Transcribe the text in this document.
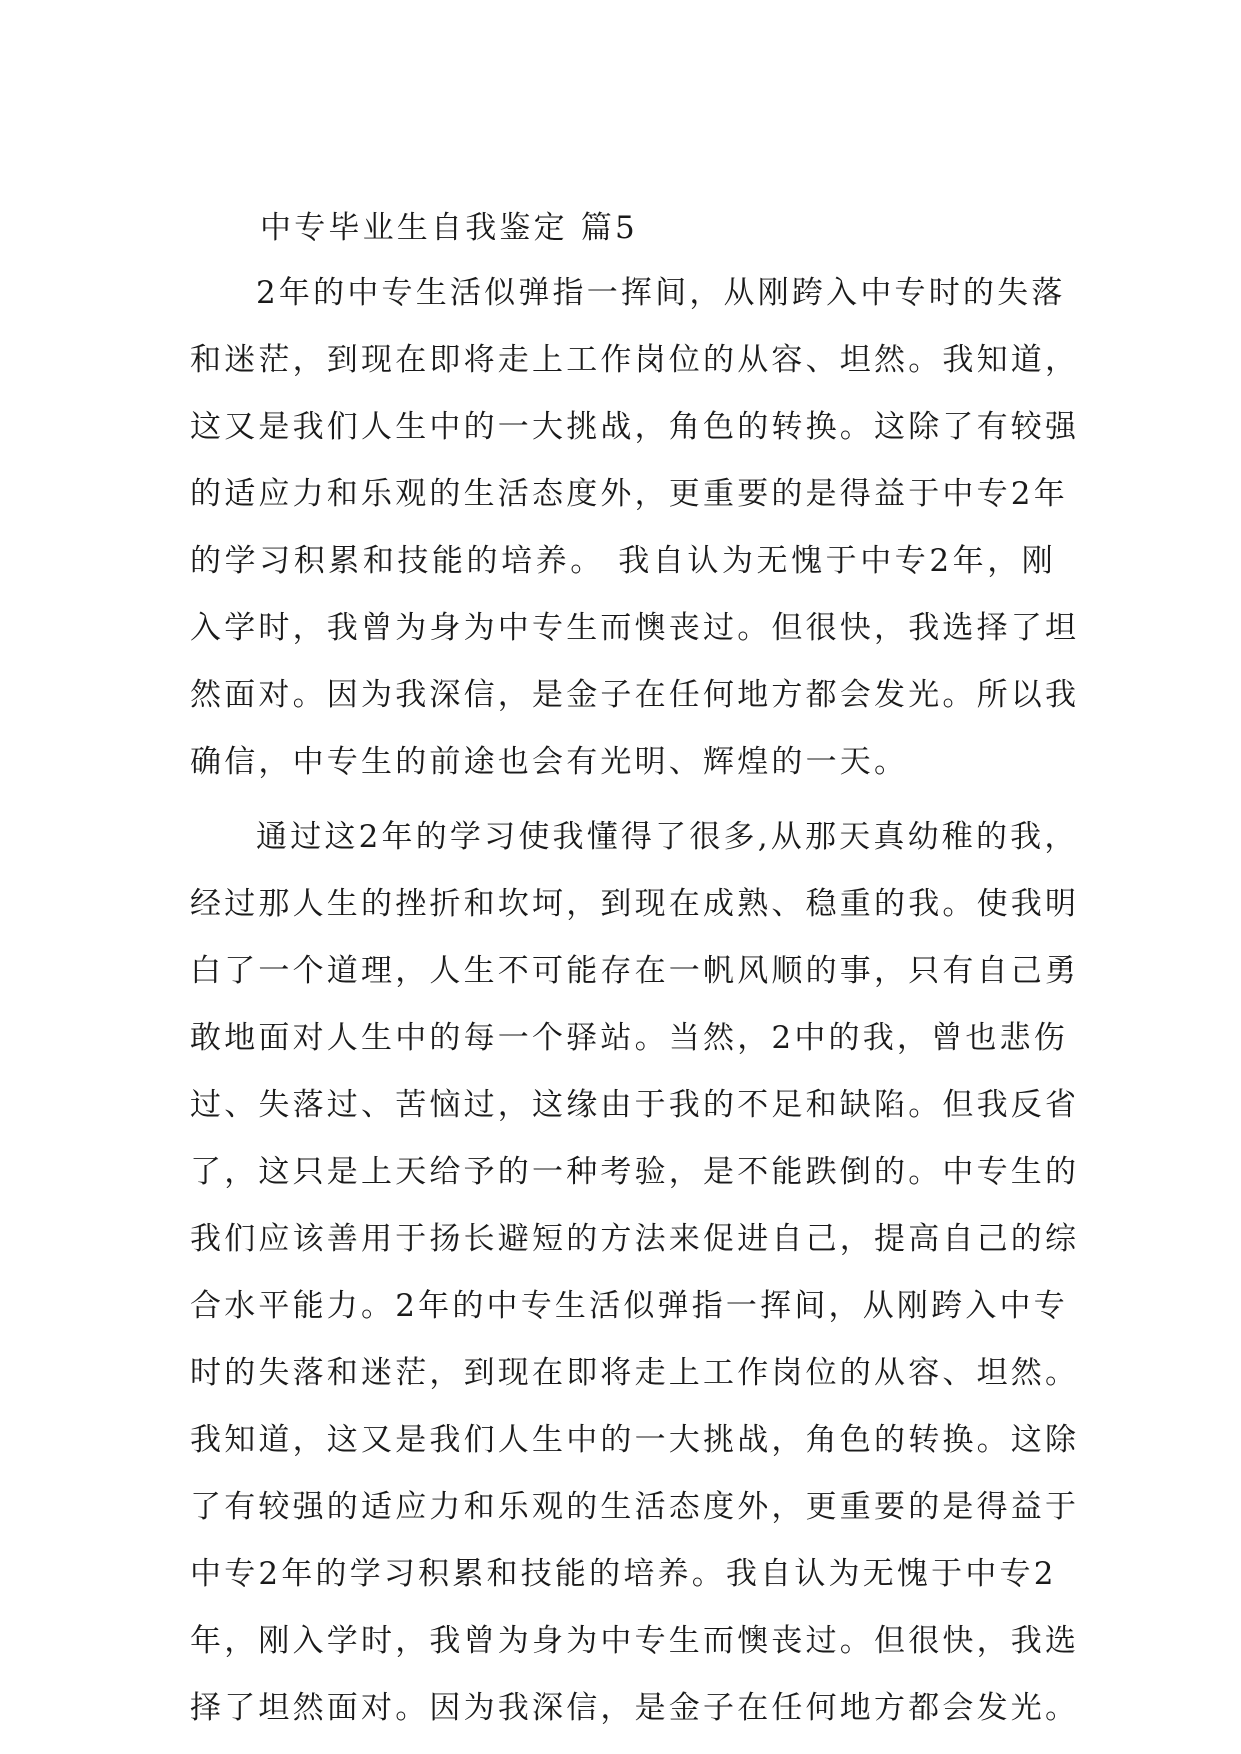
中专毕业生自我鉴定 篇5
2年的中专生活似弹指一挥间，从刚跨入中专时的失落
和迷茫，到现在即将走上工作岗位的从容、坦然。我知道，
这又是我们人生中的一大挑战，角色的转换。这除了有较强
的适应力和乐观的生活态度外，更重要的是得益于中专2年
的学习积累和技能的培养。 我自认为无愧于中专2年，刚
入学时，我曾为身为中专生而懊丧过。但很快，我选择了坦
然面对。因为我深信，是金子在任何地方都会发光。所以我
确信，中专生的前途也会有光明、辉煌的一天。
通过这2年的学习使我懂得了很多,从那天真幼稚的我，
经过那人生的挫折和坎坷，到现在成熟、稳重的我。使我明
白了一个道理，人生不可能存在一帆风顺的事，只有自己勇
敢地面对人生中的每一个驿站。当然，2中的我，曾也悲伤
过、失落过、苦恼过，这缘由于我的不足和缺陷。但我反省
了，这只是上天给予的一种考验，是不能跌倒的。中专生的
我们应该善用于扬长避短的方法来促进自己，提高自己的综
合水平能力。2年的中专生活似弹指一挥间，从刚跨入中专
时的失落和迷茫，到现在即将走上工作岗位的从容、坦然。
我知道，这又是我们人生中的一大挑战，角色的转换。这除
了有较强的适应力和乐观的生活态度外，更重要的是得益于
中专2年的学习积累和技能的培养。我自认为无愧于中专2
年，刚入学时，我曾为身为中专生而懊丧过。但很快，我选
择了坦然面对。因为我深信，是金子在任何地方都会发光。
